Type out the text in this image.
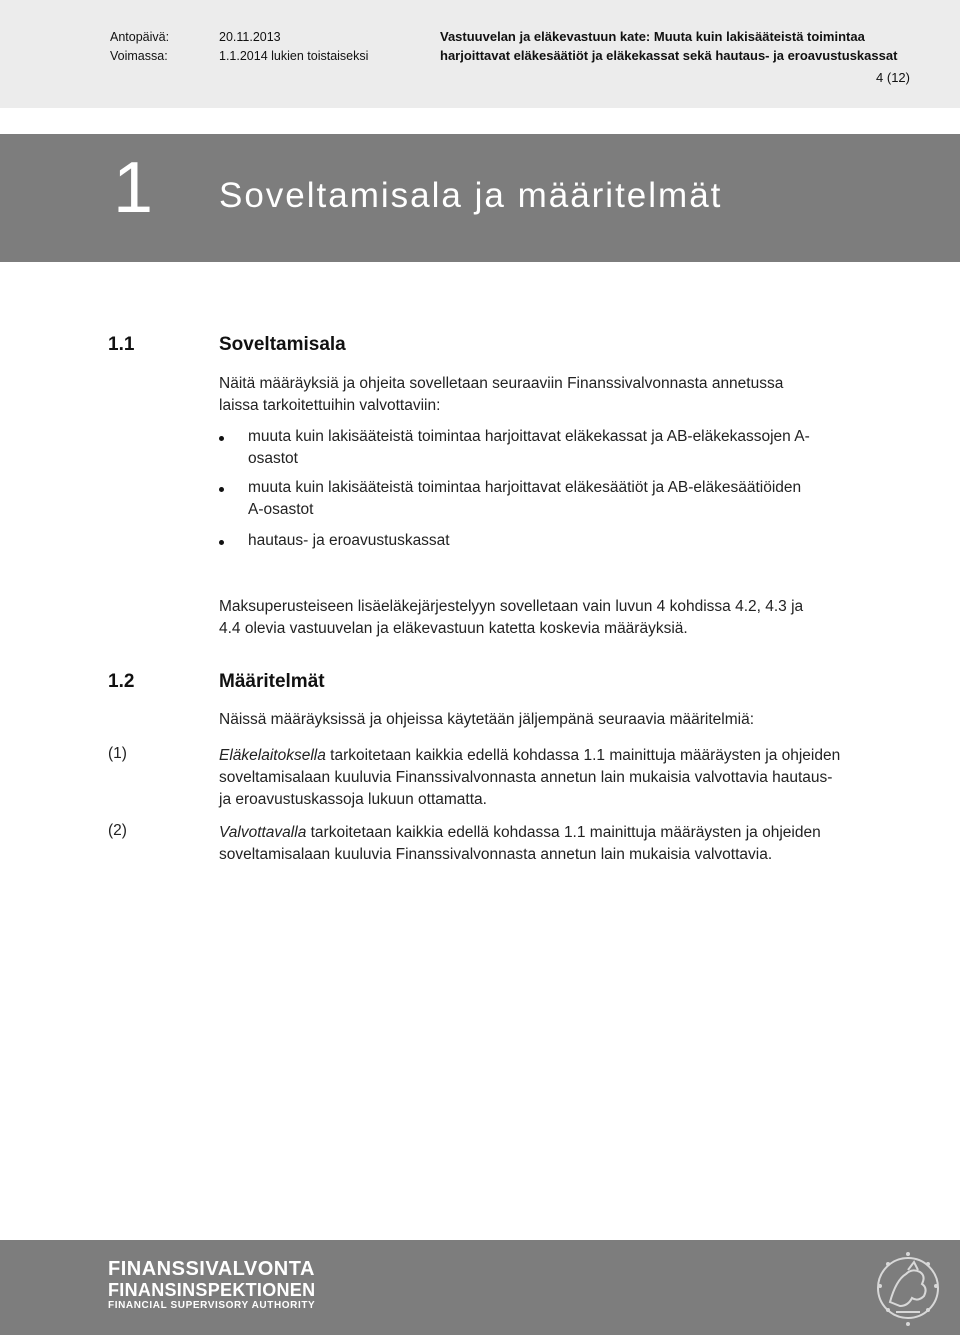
Antopäivä:	20.11.2013
Voimassa:	1.1.2014 lukien toistaiseksi
Vastuuvelan ja eläkevastuun kate: Muuta kuin lakisääteistä toimintaa
harjoittavat eläkesäätiöt ja eläkekassat sekä hautaus- ja eroavustuskassat
4 (12)
1 Soveltamisala ja määritelmät
1.1	Soveltamisala
Näitä määräyksiä ja ohjeita sovelletaan seuraaviin Finanssivalvonnasta annetussa
laissa tarkoitettuihin valvottaviin:
muuta kuin lakisääteistä toimintaa harjoittavat eläkekassat ja AB-eläkekassojen A-
osastot
muuta kuin lakisääteistä toimintaa harjoittavat eläkesäätiöt ja AB-eläkesäätiöiden
A-osastot
hautaus- ja eroavustuskassat
Maksuperusteiseen lisäeläkejärjestelyyn sovelletaan vain luvun 4 kohdissa 4.2, 4.3 ja
4.4 olevia vastuuvelan ja eläkevastuun katetta koskevia määräyksiä.
1.2	Määritelmät
Näissä määräyksissä ja ohjeissa käytetään jäljempänä seuraavia määritelmiä:
(1)	Eläkelaitoksella tarkoitetaan kaikkia edellä kohdassa 1.1 mainittuja määräysten ja ohjeiden
soveltamisalaan kuuluvia Finanssivalvonnasta annetun lain mukaisia valvottavia hautaus-
ja eroavustuskassoja lukuun ottamatta.
(2)	Valvottavalla tarkoitetaan kaikkia edellä kohdassa 1.1 mainittuja määräysten ja ohjeiden
soveltamisalaan kuuluvia Finanssivalvonnasta annetun lain mukaisia valvottavia.
FINANSSIVALVONTA
FINANSINSPEKTIONEN
FINANCIAL SUPERVISORY AUTHORITY
